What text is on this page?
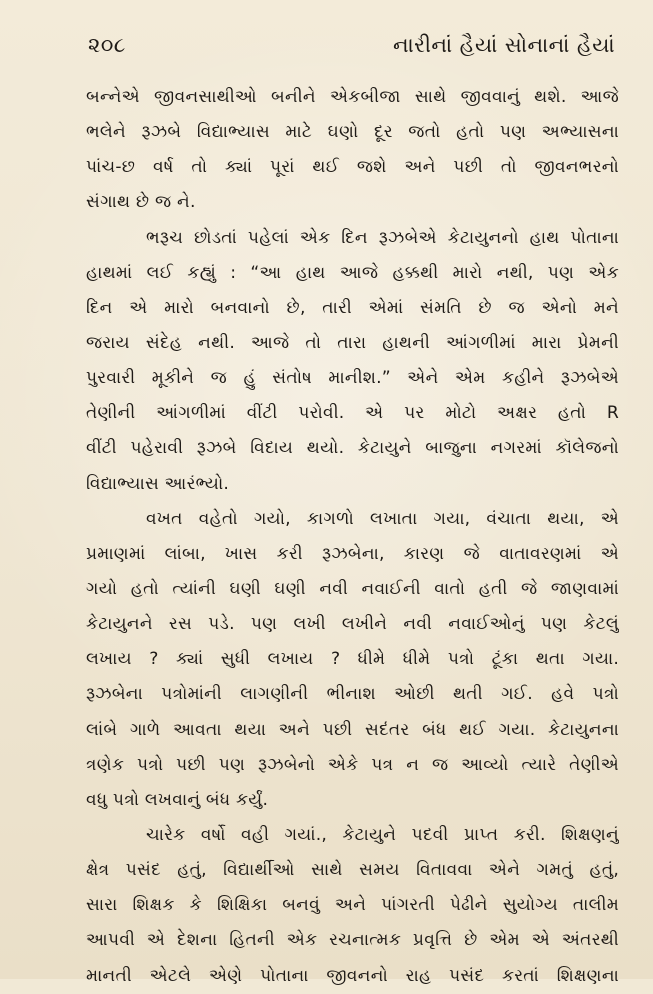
૨૦૮	નારીનાં હૈયાં સોનાનાં હૈયાં
બન્નેએ જીવનસાથીઓ બનીને એકબીજા સાથે જીવવાનું થશે. આજે
ભલેને રૂઝબે વિદ્યાભ્યાસ માટે ઘણો દૂર જતો હતો પણ અભ્યાસના
પાંચ-છ વર્ષ તો ક્યાં પૂરાં થઈ જશે અને પછી તો જીવનભરનો
સંગાથ છે જ ને.
ભરૂચ છોડતાં પહેલાં એક દિન રૂઝબેએ કેટાયુનનો હાથ પોતાના
હાથમાં લઈ કહ્યું : “આ હાથ આજે હક્કથી મારો નથી, પણ એક
દિન એ મારો બનવાનો છે, તારી એમાં સંમતિ છે જ એનો મને
જરાય સંદેહ નથી. આજે તો તારા હાથની આંગળીમાં મારા પ્રેમની
પુરવારી મૂકીને જ હું સંતોષ માનીશ.” એને એમ કહીને રૂઝબેએ
તેણીની આંગળીમાં વીંટી પરોવી. એ પર મોટો અક્ષર હતો R
વીંટી પહેરાવી રૂઝબે વિદાય થયો. કેટાયુને બાજુના નગરમાં કૉલેજનો
વિદ્યાભ્યાસ આરંભ્યો.
વખત વહેતો ગયો, કાગળો લખાતા ગયા, વંચાતા થયા, એ
પ્રમાણમાં લાંબા, ખાસ કરી રૂઝબેના, કારણ જે વાતાવરણમાં એ
ગયો હતો ત્યાંની ઘણી ઘણી નવી નવાઈની વાતો હતી જે જાણવામાં
કેટાયુનને રસ પડે. પણ લખી લખીને નવી નવાઈઓનું પણ કેટલું
લખાય ? ક્યાં સુધી લખાય ? ધીમે ધીમે પત્રો ટૂંકા થતા ગયા.
રૂઝબેના પત્રોમાંની લાગણીની ભીનાશ ઓછી થતી ગઈ. હવે પત્રો
લાંબે ગાળે આવતા થયા અને પછી સદંતર બંધ થઈ ગયા. કેટાયુનના
ત્રણેક પત્રો પછી પણ રૂઝબેનો એકે પત્ર ન જ આવ્યો ત્યારે તેણીએ
વધુ પત્રો લખવાનું બંધ કર્યું.
ચારેક વર્ષો વહી ગયાં., કેટાયુને પદવી પ્રાપ્ત કરી. શિક્ષણનું
ક્ષેત્ર પસંદ હતું, વિદ્યાર્થીઓ સાથે સમય વિતાવવા એને ગમતું હતું,
સારા શિક્ષક કે શિક્ષિકા બનવું અને પાંગરતી પેઢીને સુયોગ્ય તાલીમ
આપવી એ દેશના હિતની એક રચનાત્મક પ્રવૃત્તિ છે એમ એ અંતરથી
માનતી એટલે એણે પોતાના જીવનનો રાહ પસંદ કરતાં શિક્ષણના
